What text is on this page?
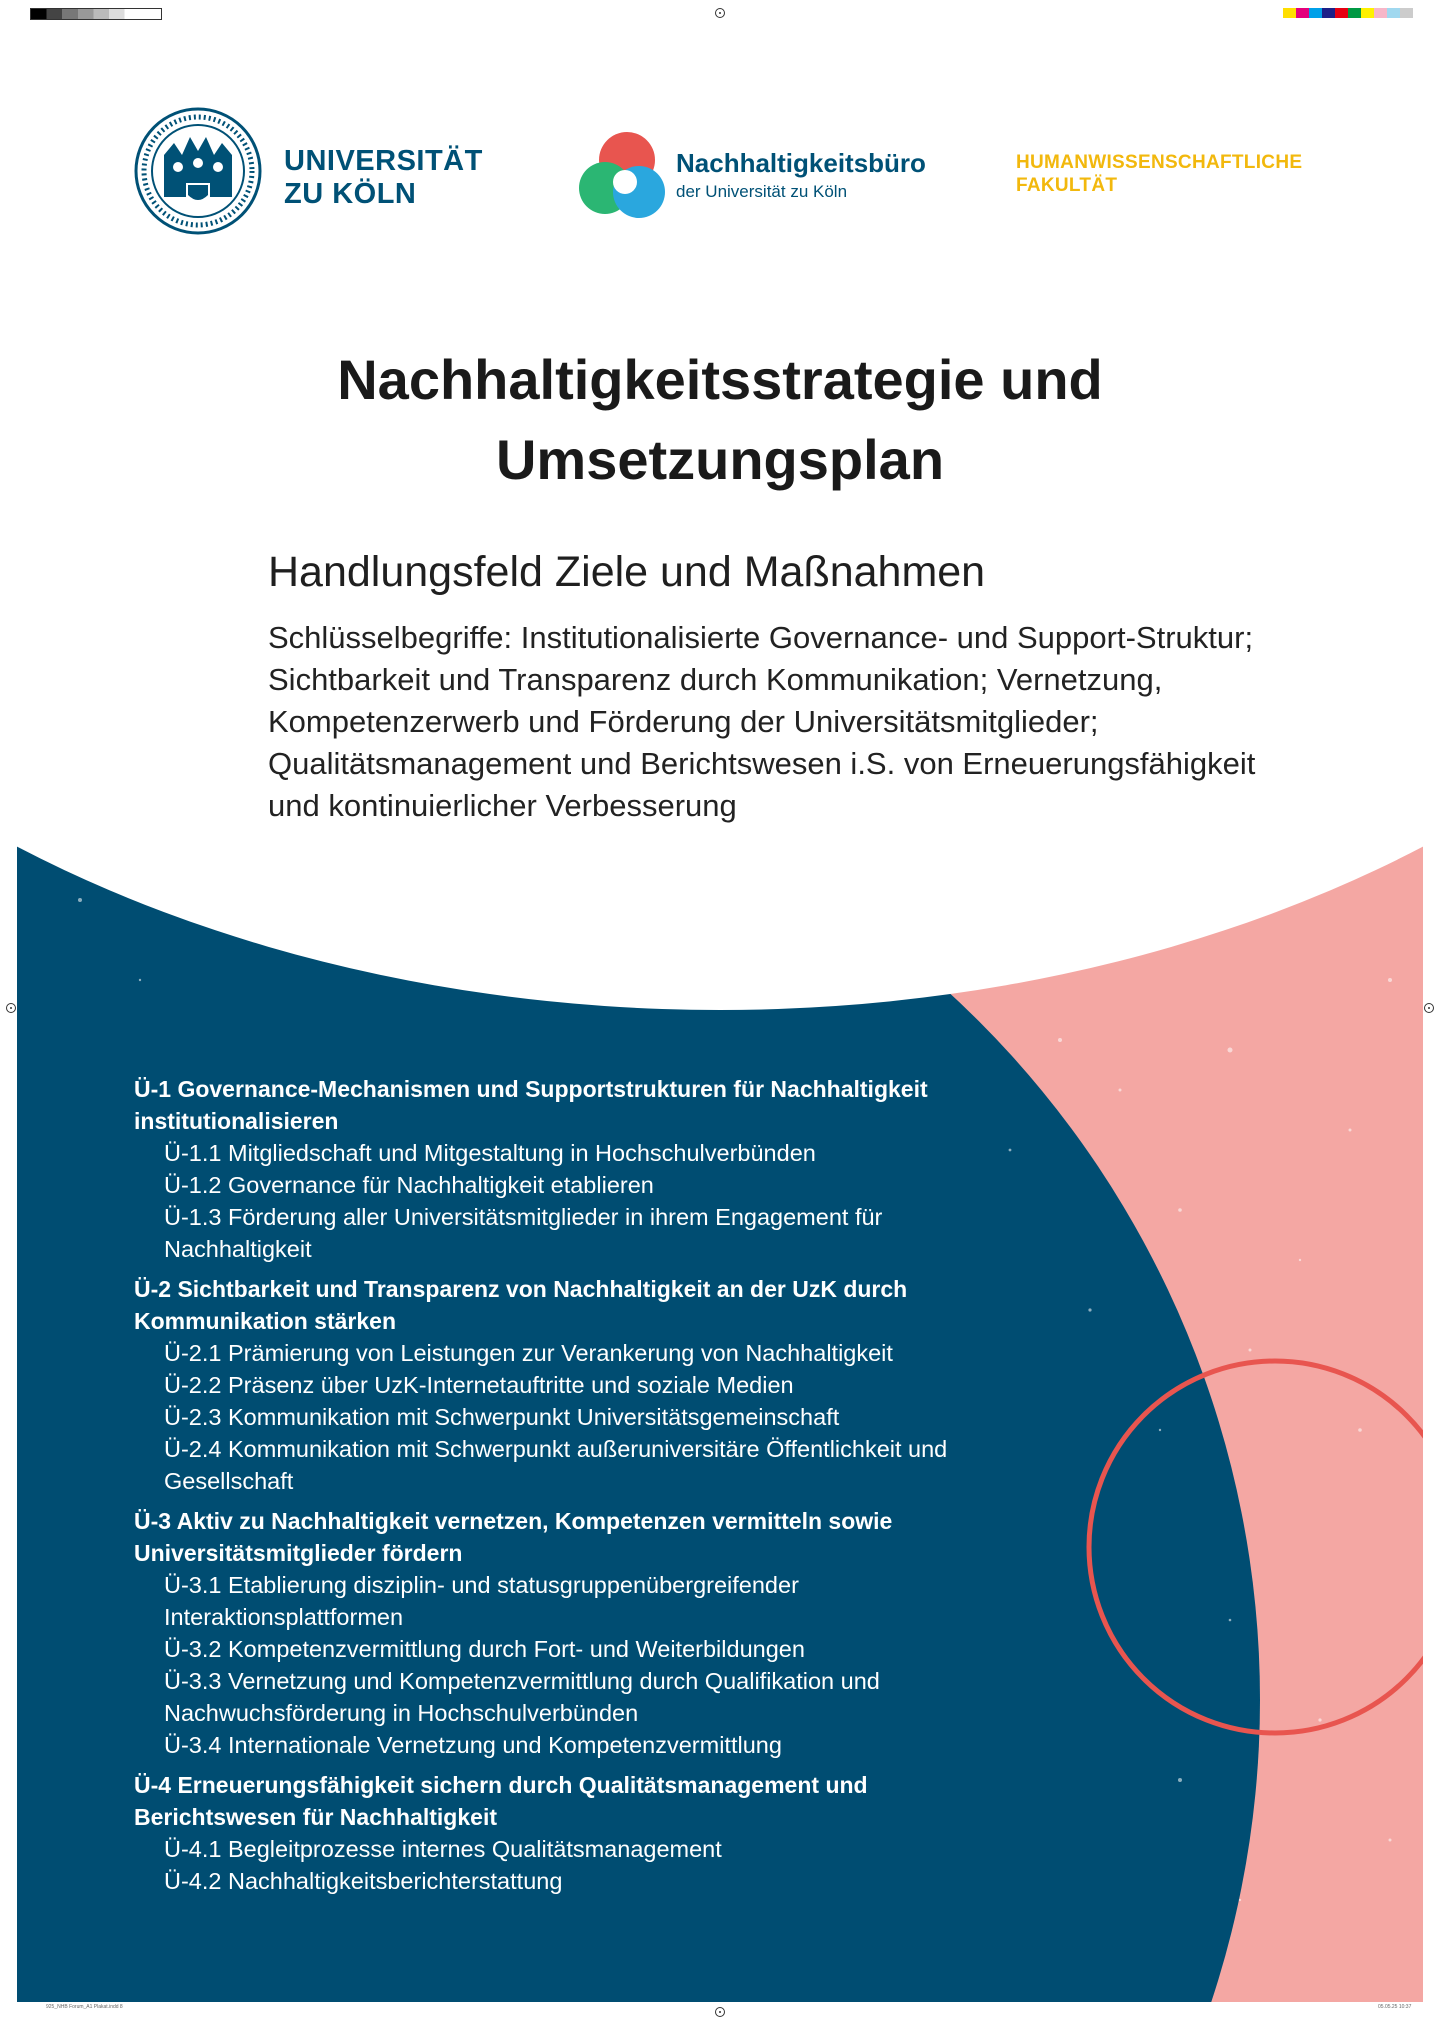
UNIVERSITÄT
ZU KÖLN
Nachhaltigkeitsbüro
der Universität zu Köln
HUMANWISSENSCHAFTLICHE
FAKULTÄT
Nachhaltigkeitsstrategie und
Umsetzungsplan
Handlungsfeld Ziele und Maßnahmen
Schlüsselbegriffe: Institutionalisierte Governance- und Support-Struktur; Sichtbarkeit und Transparenz durch Kommunikation; Vernetzung, Kompetenzerwerb und Förderung der Universitätsmitglieder; Qualitätsmanagement und Berichtswesen i.S. von Erneuerungsfähigkeit und kontinuierlicher Verbesserung
Ü-1 Governance-Mechanismen und Supportstrukturen für Nachhaltigkeit institutionalisieren
Ü-1.1 Mitgliedschaft und Mitgestaltung in Hochschulverbünden
Ü-1.2 Governance für Nachhaltigkeit etablieren
Ü-1.3 Förderung aller Universitätsmitglieder in ihrem Engagement für Nachhaltigkeit
Ü-2 Sichtbarkeit und Transparenz von Nachhaltigkeit an der UzK durch Kommunikation stärken
Ü-2.1 Prämierung von Leistungen zur Verankerung von Nachhaltigkeit
Ü-2.2 Präsenz über UzK-Internetauftritte und soziale Medien
Ü-2.3 Kommunikation mit Schwerpunkt Universitätsgemeinschaft
Ü-2.4 Kommunikation mit Schwerpunkt außeruniversitäre Öffentlichkeit und Gesellschaft
Ü-3 Aktiv zu Nachhaltigkeit vernetzen, Kompetenzen vermitteln sowie Universitätsmitglieder fördern
Ü-3.1 Etablierung disziplin- und statusgruppenübergreifender Interaktionsplattformen
Ü-3.2 Kompetenzvermittlung durch Fort- und Weiterbildungen
Ü-3.3 Vernetzung und Kompetenzvermittlung durch Qualifikation und Nachwuchsförderung in Hochschulverbünden
Ü-3.4 Internationale Vernetzung und Kompetenzvermittlung
Ü-4 Erneuerungsfähigkeit sichern durch Qualitätsmanagement und Berichtswesen für Nachhaltigkeit
Ü-4.1 Begleitprozesse internes Qualitätsmanagement
Ü-4.2 Nachhaltigkeitsberichterstattung
925_NHB Forum_A1 Plakat.indd 8	05.05.25 10:37
